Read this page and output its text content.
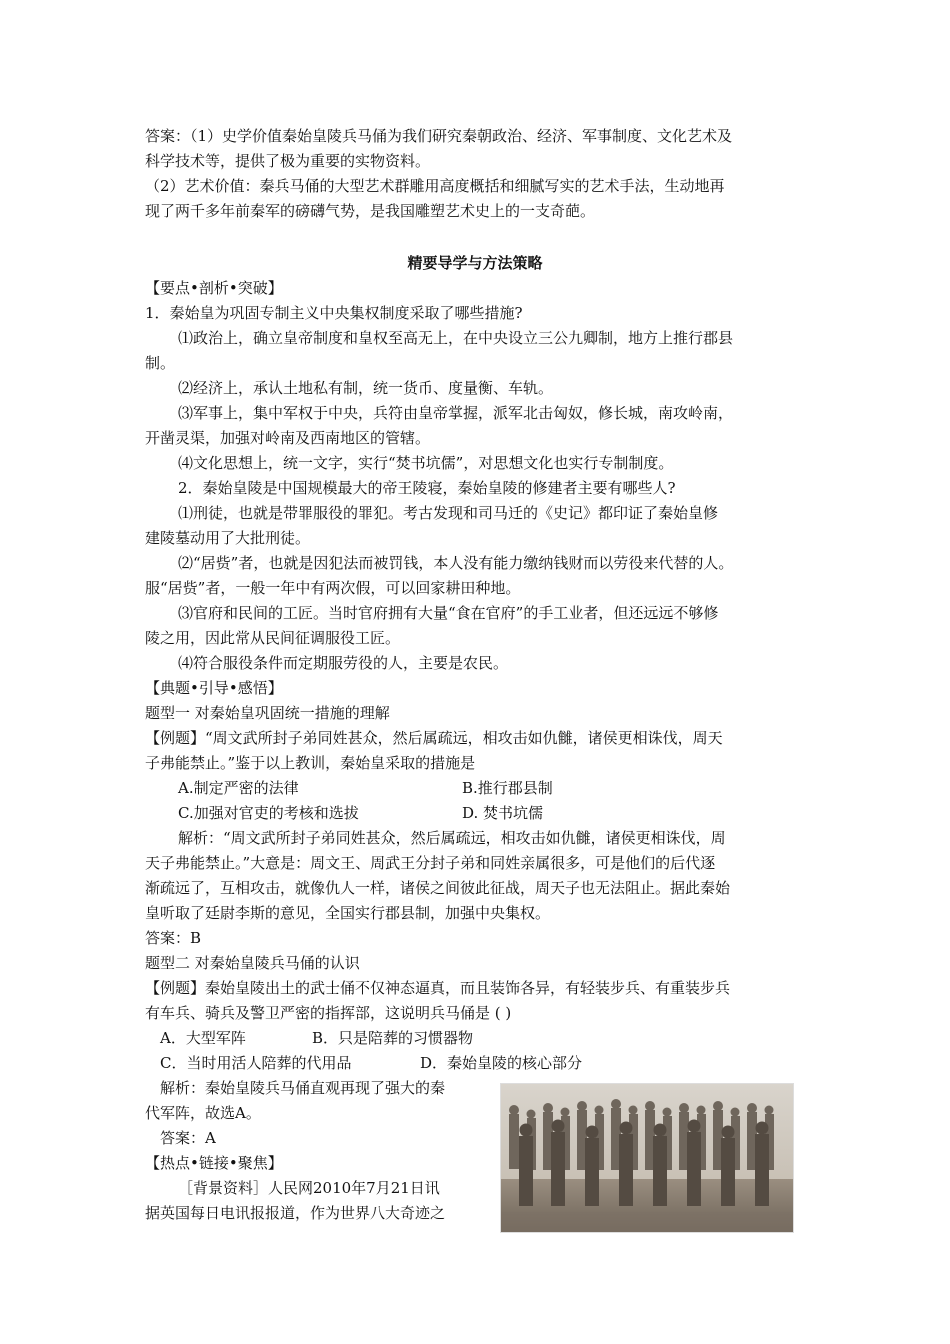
答案：（1）史学价值秦始皇陵兵马俑为我们研究秦朝政治、经济、军事制度、文化艺术及
科学技术等，提供了极为重要的实物资料。
（2）艺术价值：秦兵马俑的大型艺术群雕用高度概括和细腻写实的艺术手法，生动地再
现了两千多年前秦军的磅礴气势，是我国雕塑艺术史上的一支奇葩。
精要导学与方法策略
【要点•剖析•突破】
1．秦始皇为巩固专制主义中央集权制度采取了哪些措施?
⑴政治上，确立皇帝制度和皇权至高无上，在中央设立三公九卿制，地方上推行郡县
制。
⑵经济上，承认土地私有制，统一货币、度量衡、车轨。
⑶军事上，集中军权于中央，兵符由皇帝掌握，派军北击匈奴，修长城，南攻岭南，
开凿灵渠，加强对岭南及西南地区的管辖。
⑷文化思想上，统一文字，实行“焚书坑儒”，对思想文化也实行专制制度。
2．秦始皇陵是中国规模最大的帝王陵寝，秦始皇陵的修建者主要有哪些人?
⑴刑徒，也就是带罪服役的罪犯。考古发现和司马迁的《史记》都印证了秦始皇修
建陵墓动用了大批刑徒。
⑵“居赀”者，也就是因犯法而被罚钱，本人没有能力缴纳钱财而以劳役来代替的人。
服“居赀”者，一般一年中有两次假，可以回家耕田种地。
⑶官府和民间的工匠。当时官府拥有大量“食在官府”的手工业者，但还远远不够修
陵之用，因此常从民间征调服役工匠。
⑷符合服役条件而定期服劳役的人，主要是农民。
【典题•引导•感悟】
题型一 对秦始皇巩固统一措施的理解
【例题】“周文武所封子弟同姓甚众，然后属疏远，相攻击如仇雠，诸侯更相诛伐，周天
子弗能禁止。”鉴于以上教训，秦始皇采取的措施是
A.制定严密的法律	B.推行郡县制
C.加强对官吏的考核和选拔	D. 焚书坑儒
解析：“周文武所封子弟同姓甚众，然后属疏远，相攻击如仇雠，诸侯更相诛伐，周
天子弗能禁止。”大意是：周文王、周武王分封子弟和同姓亲属很多，可是他们的后代逐
渐疏远了，互相攻击，就像仇人一样，诸侯之间彼此征战，周天子也无法阻止。据此秦始
皇听取了廷尉李斯的意见，全国实行郡县制，加强中央集权。
答案：B
题型二 对秦始皇陵兵马俑的认识
【例题】秦始皇陵出土的武士俑不仅神态逼真，而且装饰各异，有轻装步兵、有重装步兵
有车兵、骑兵及警卫严密的指挥部，这说明兵马俑是 ( )
A．大型军阵	B．只是陪葬的习惯器物
C．当时用活人陪葬的代用品	D．秦始皇陵的核心部分
解析：秦始皇陵兵马俑直观再现了强大的秦
代军阵，故选A。
答案：A
【热点•链接•聚焦】
［背景资料］人民网2010年7月21日讯
据英国每日电讯报报道，作为世界八大奇迹之
